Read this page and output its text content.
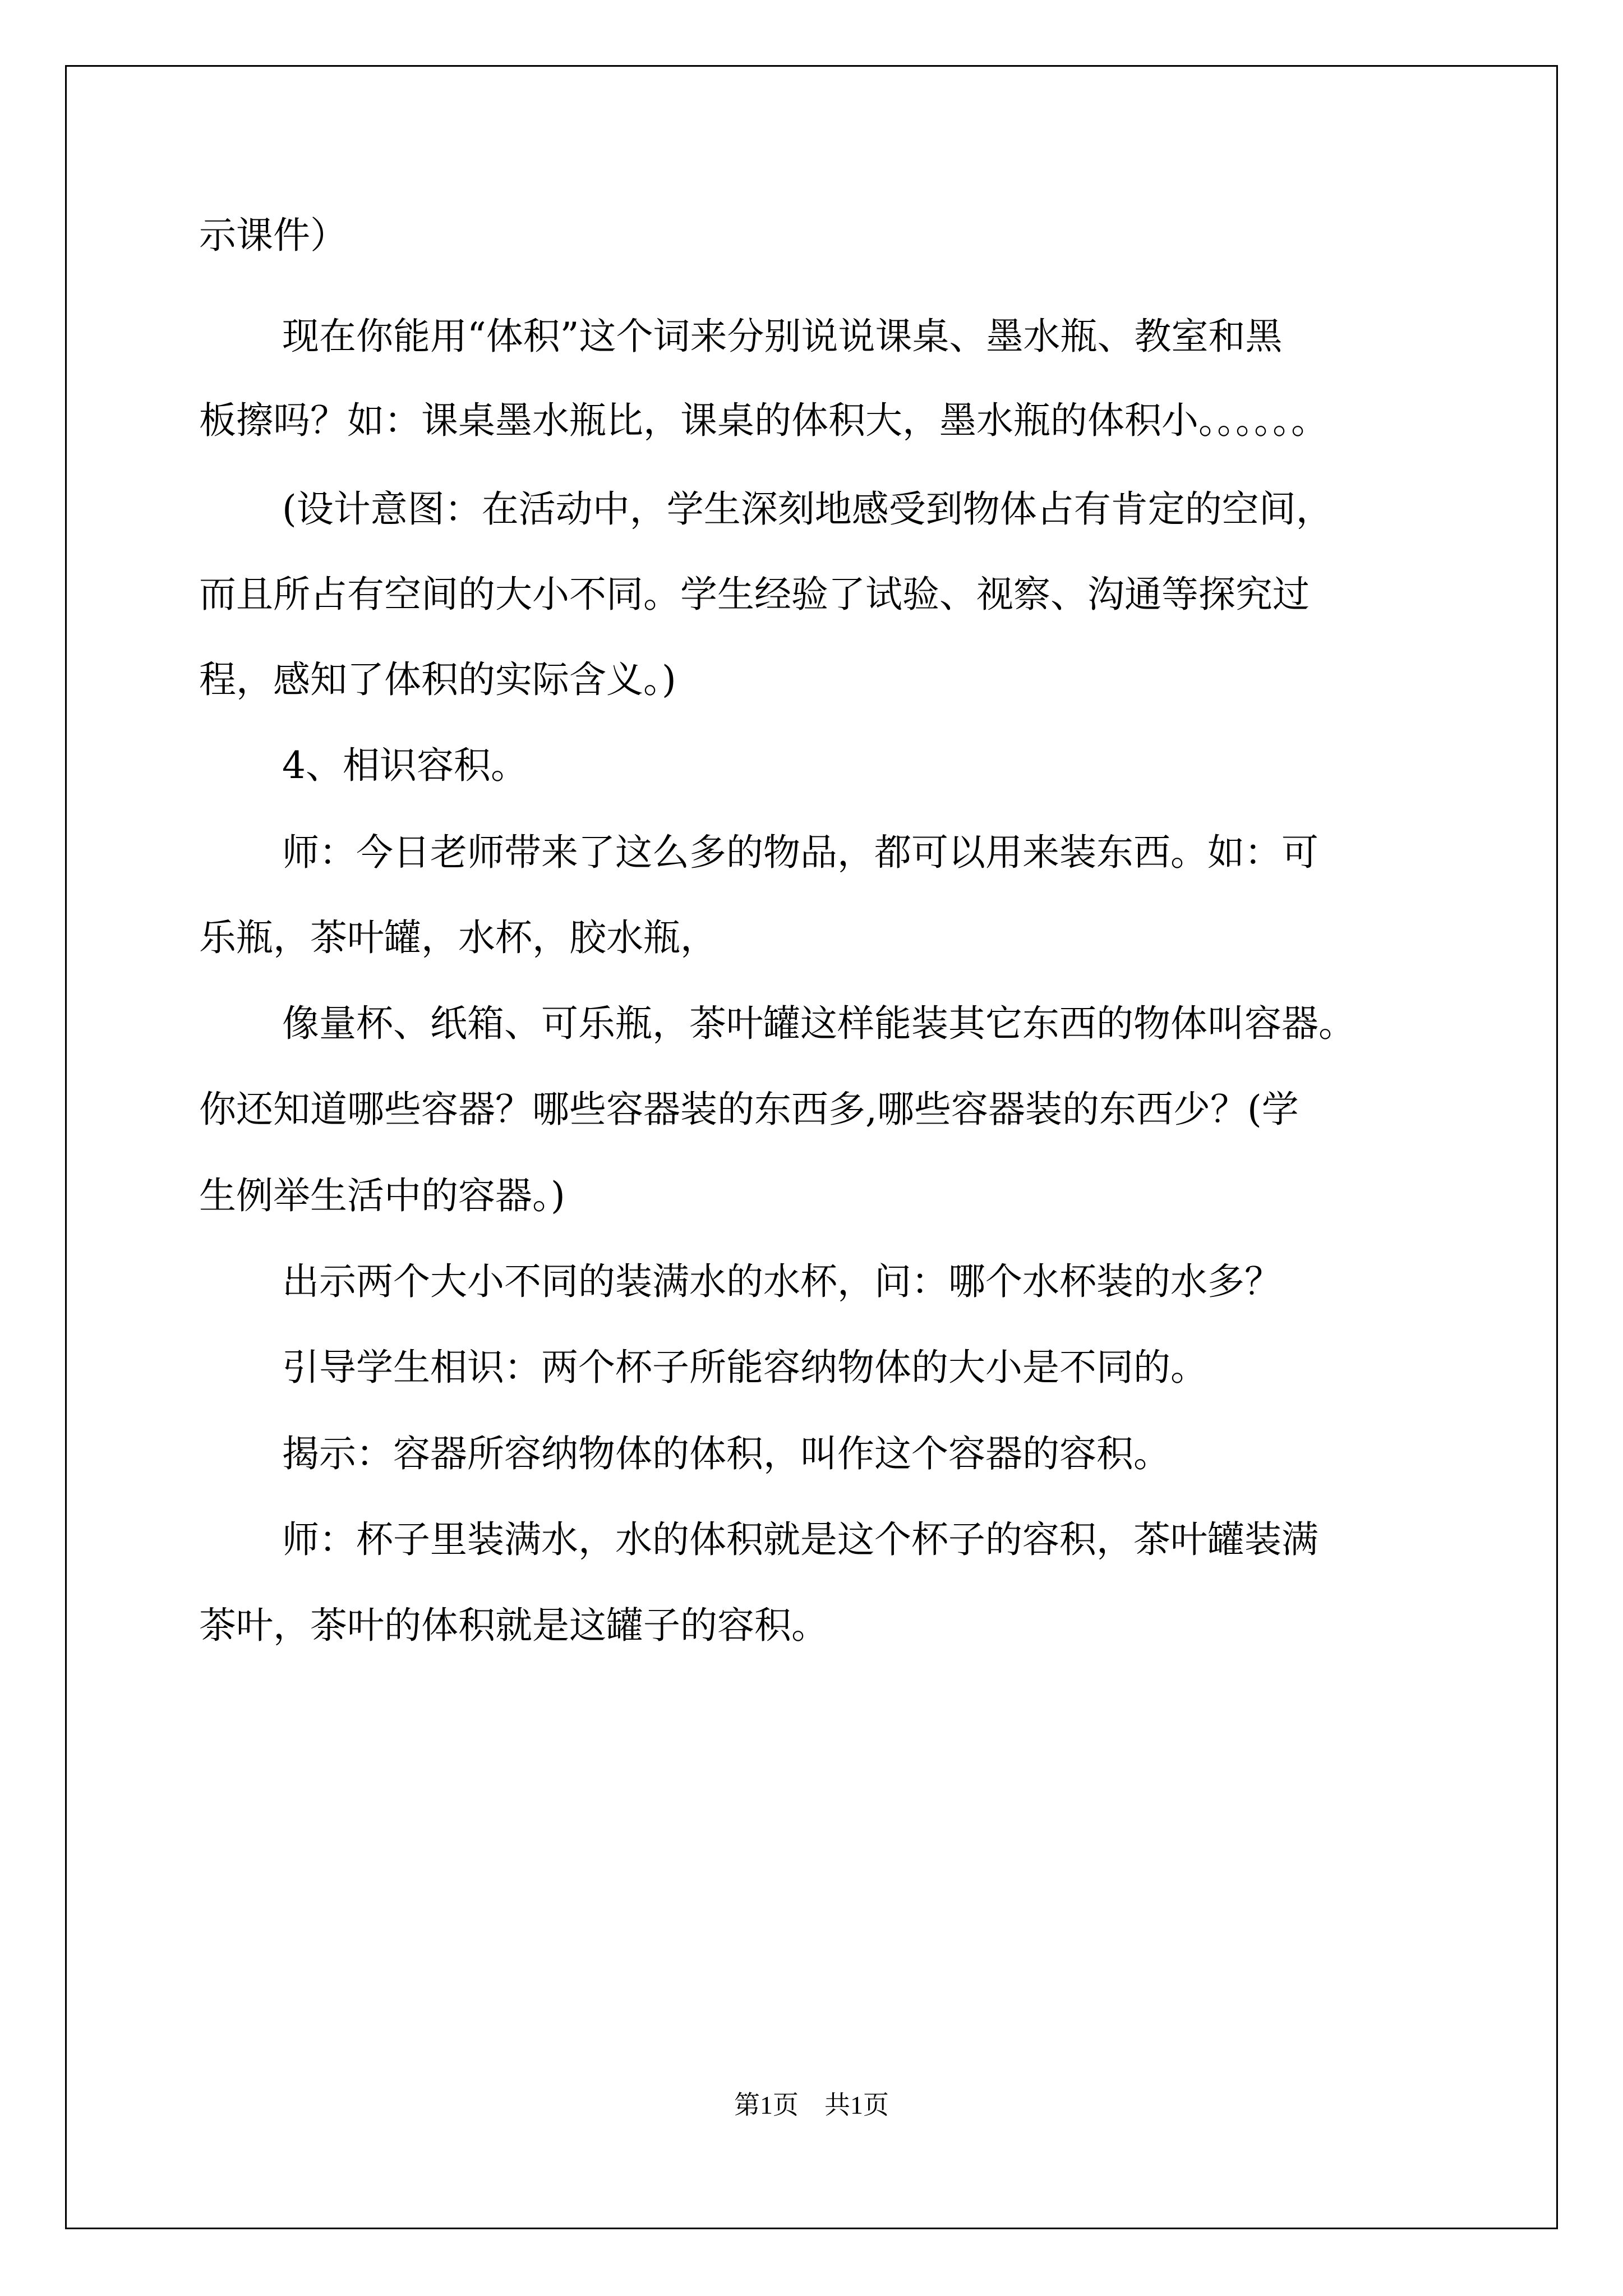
示课件）
现在你能用“体积”这个词来分别说说课桌、墨水瓶、教室和黑
板擦吗？如：课桌墨水瓶比，课桌的体积大，墨水瓶的体积小。。。。。。
(设计意图：在活动中，学生深刻地感受到物体占有肯定的空间，
而且所占有空间的大小不同。学生经验了试验、视察、沟通等探究过
程，感知了体积的实际含义。)
4、相识容积。
师：今日老师带来了这么多的物品，都可以用来装东西。如：可
乐瓶，茶叶罐，水杯，胶水瓶，
像量杯、纸箱、可乐瓶，茶叶罐这样能装其它东西的物体叫容器。
你还知道哪些容器？哪些容器装的东西多,哪些容器装的东西少？(学
生例举生活中的容器。)
出示两个大小不同的装满水的水杯，问：哪个水杯装的水多？
引导学生相识：两个杯子所能容纳物体的大小是不同的。
揭示：容器所容纳物体的体积，叫作这个容器的容积。
师：杯子里装满水，水的体积就是这个杯子的容积，茶叶罐装满
茶叶，茶叶的体积就是这罐子的容积。
第1页　共1页
